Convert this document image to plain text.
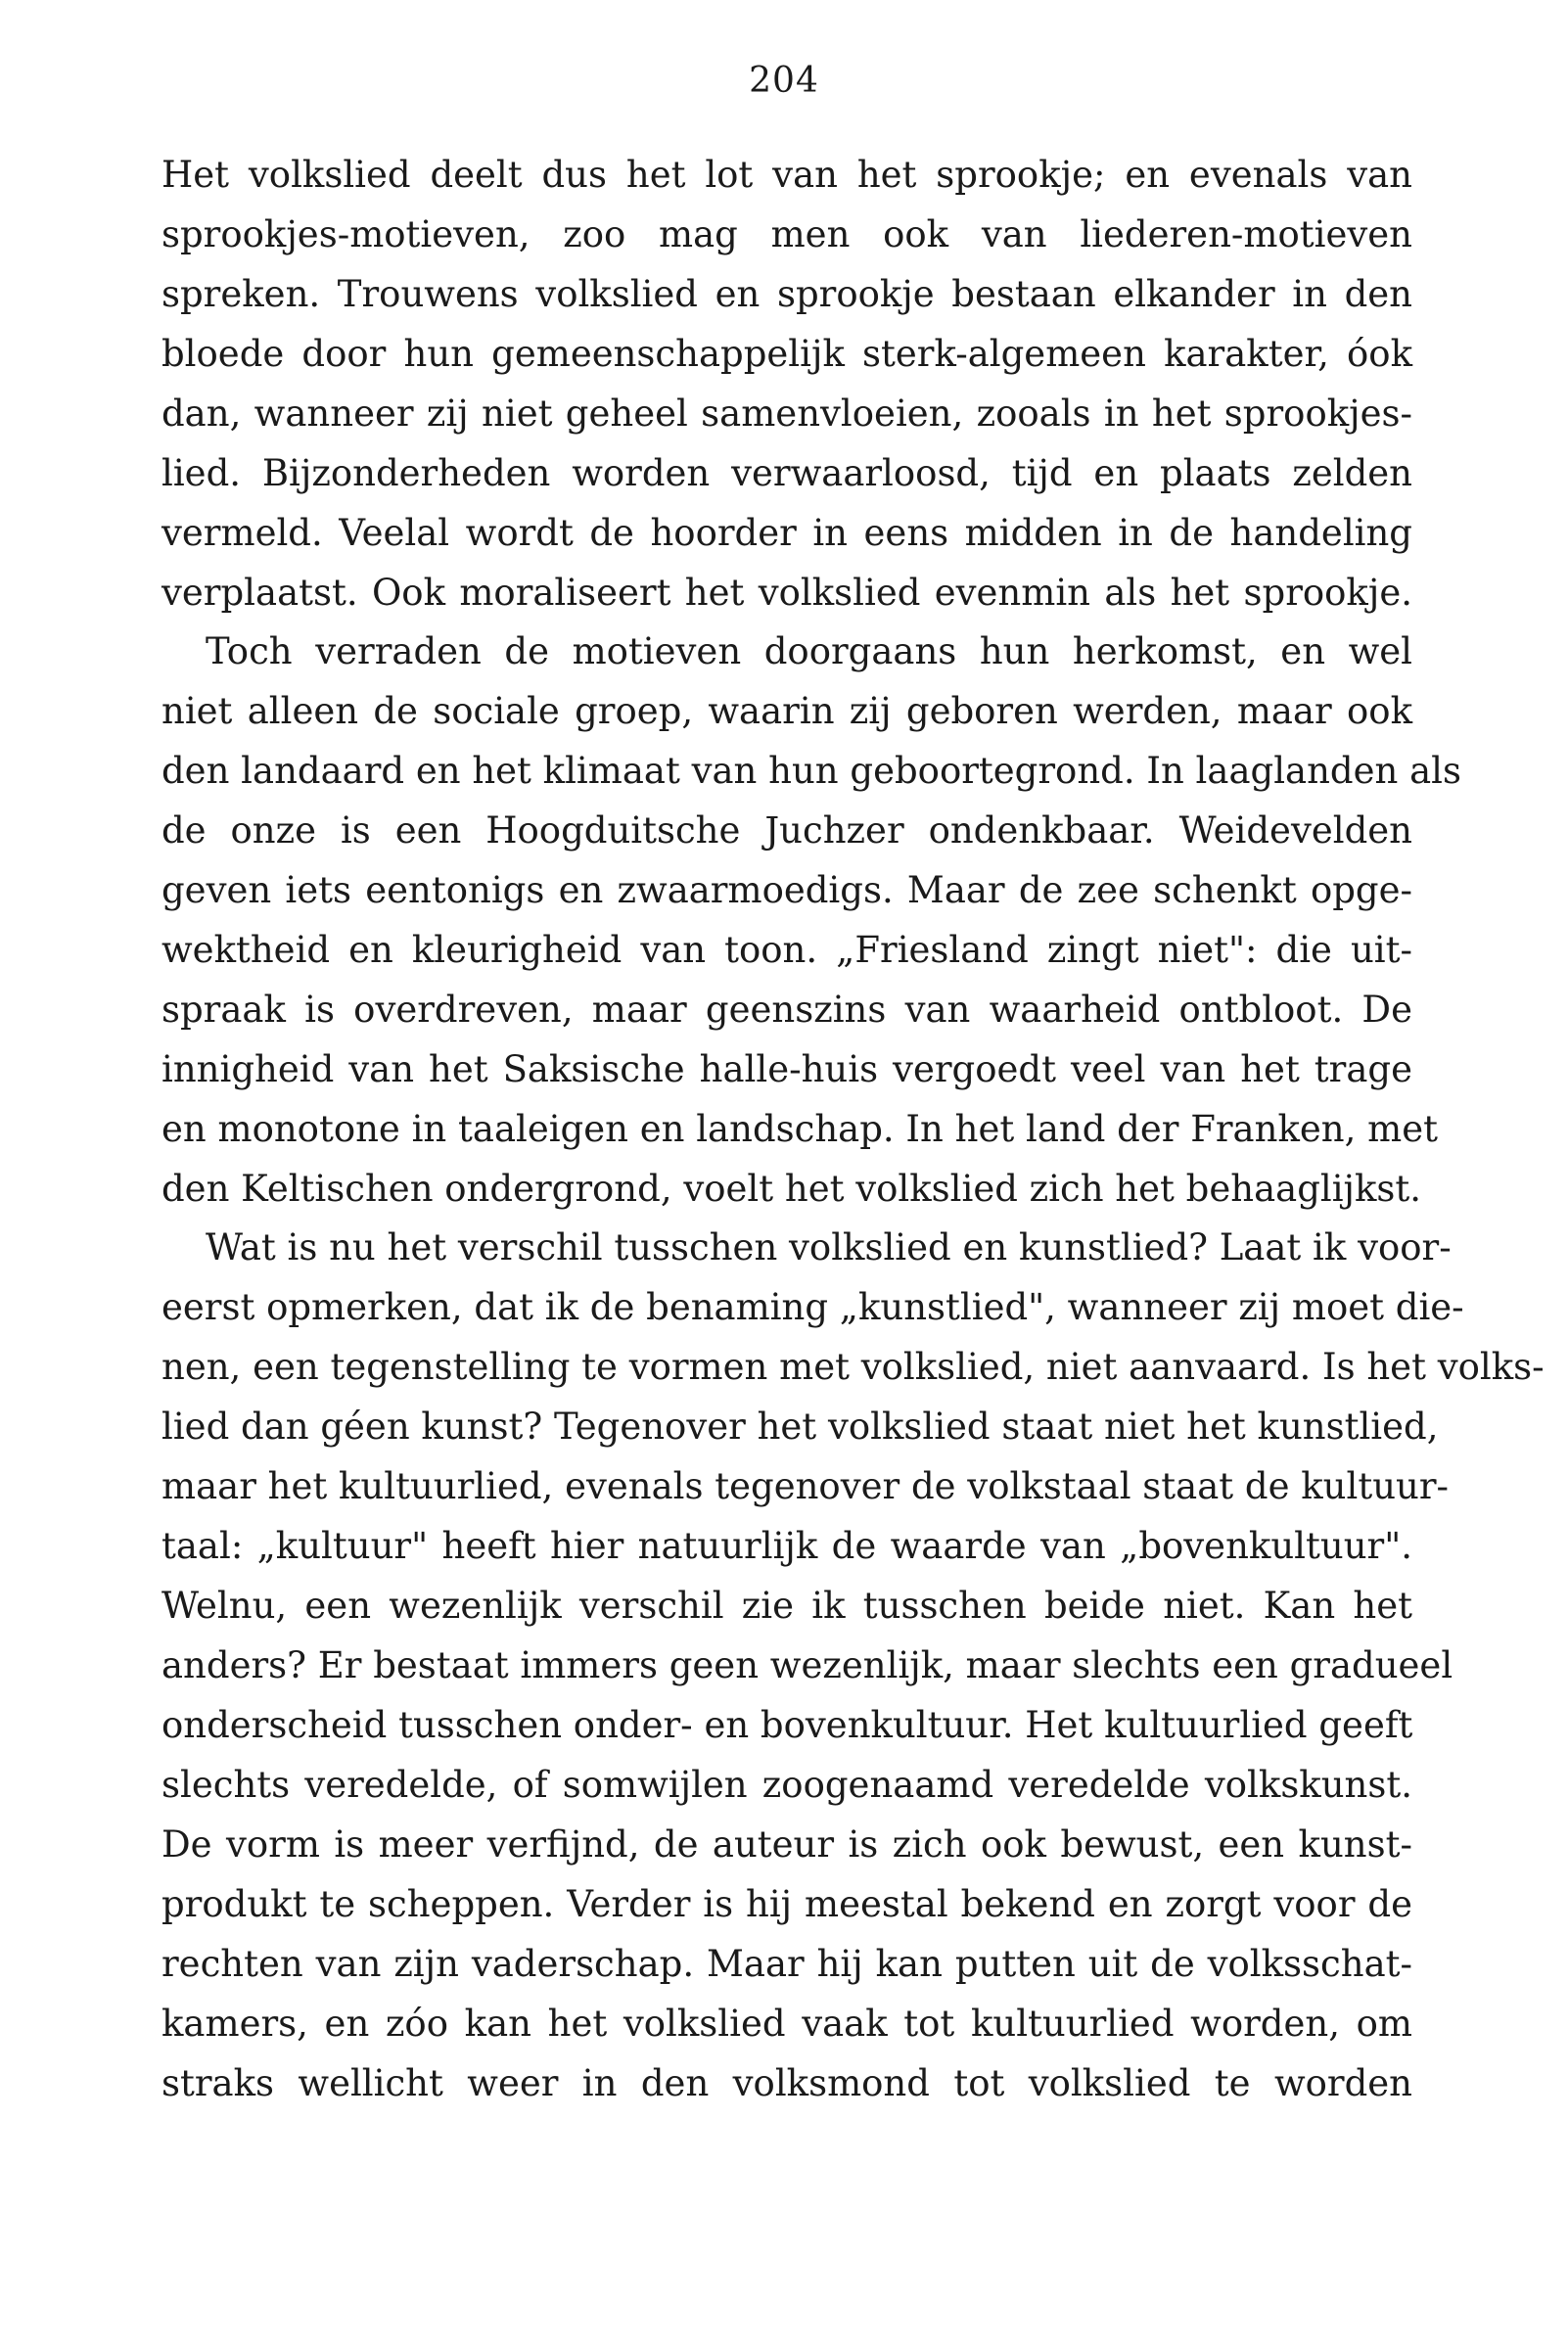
204
Het volkslied deelt dus het lot van het sprookje; en evenals van
sprookjes-motieven, zoo mag men ook van liederen-motieven
spreken. Trouwens volkslied en sprookje bestaan elkander in den
bloede door hun gemeenschappelijk sterk-algemeen karakter, óok
dan, wanneer zij niet geheel samenvloeien, zooals in het sprookjes-
lied. Bijzonderheden worden verwaarloosd, tijd en plaats zelden
vermeld. Veelal wordt de hoorder in eens midden in de handeling
verplaatst. Ook moraliseert het volkslied evenmin als het sprookje.
Toch verraden de motieven doorgaans hun herkomst, en wel
niet alleen de sociale groep, waarin zij geboren werden, maar ook
den landaard en het klimaat van hun geboortegrond. In laaglanden als
de onze is een Hoogduitsche Juchzer ondenkbaar. Weidevelden
geven iets eentonigs en zwaarmoedigs. Maar de zee schenkt opge-
wektheid en kleurigheid van toon. „Friesland zingt niet": die uit-
spraak is overdreven, maar geenszins van waarheid ontbloot. De
innigheid van het Saksische halle-huis vergoedt veel van het trage
en monotone in taaleigen en landschap. In het land der Franken, met
den Keltischen ondergrond, voelt het volkslied zich het behaaglijkst.
Wat is nu het verschil tusschen volkslied en kunstlied? Laat ik voor-
eerst opmerken, dat ik de benaming „kunstlied", wanneer zij moet die-
nen, een tegenstelling te vormen met volkslied, niet aanvaard. Is het volks-
lied dan géen kunst? Tegenover het volkslied staat niet het kunstlied,
maar het kultuurlied, evenals tegenover de volkstaal staat de kultuur-
taal: „kultuur" heeft hier natuurlijk de waarde van „bovenkultuur".
Welnu, een wezenlijk verschil zie ik tusschen beide niet. Kan het
anders? Er bestaat immers geen wezenlijk, maar slechts een gradueel
onderscheid tusschen onder- en bovenkultuur. Het kultuurlied geeft
slechts veredelde, of somwijlen zoogenaamd veredelde volkskunst.
De vorm is meer verfijnd, de auteur is zich ook bewust, een kunst-
produkt te scheppen. Verder is hij meestal bekend en zorgt voor de
rechten van zijn vaderschap. Maar hij kan putten uit de volksschat-
kamers, en zóo kan het volkslied vaak tot kultuurlied worden, om
straks wellicht weer in den volksmond tot volkslied te worden
